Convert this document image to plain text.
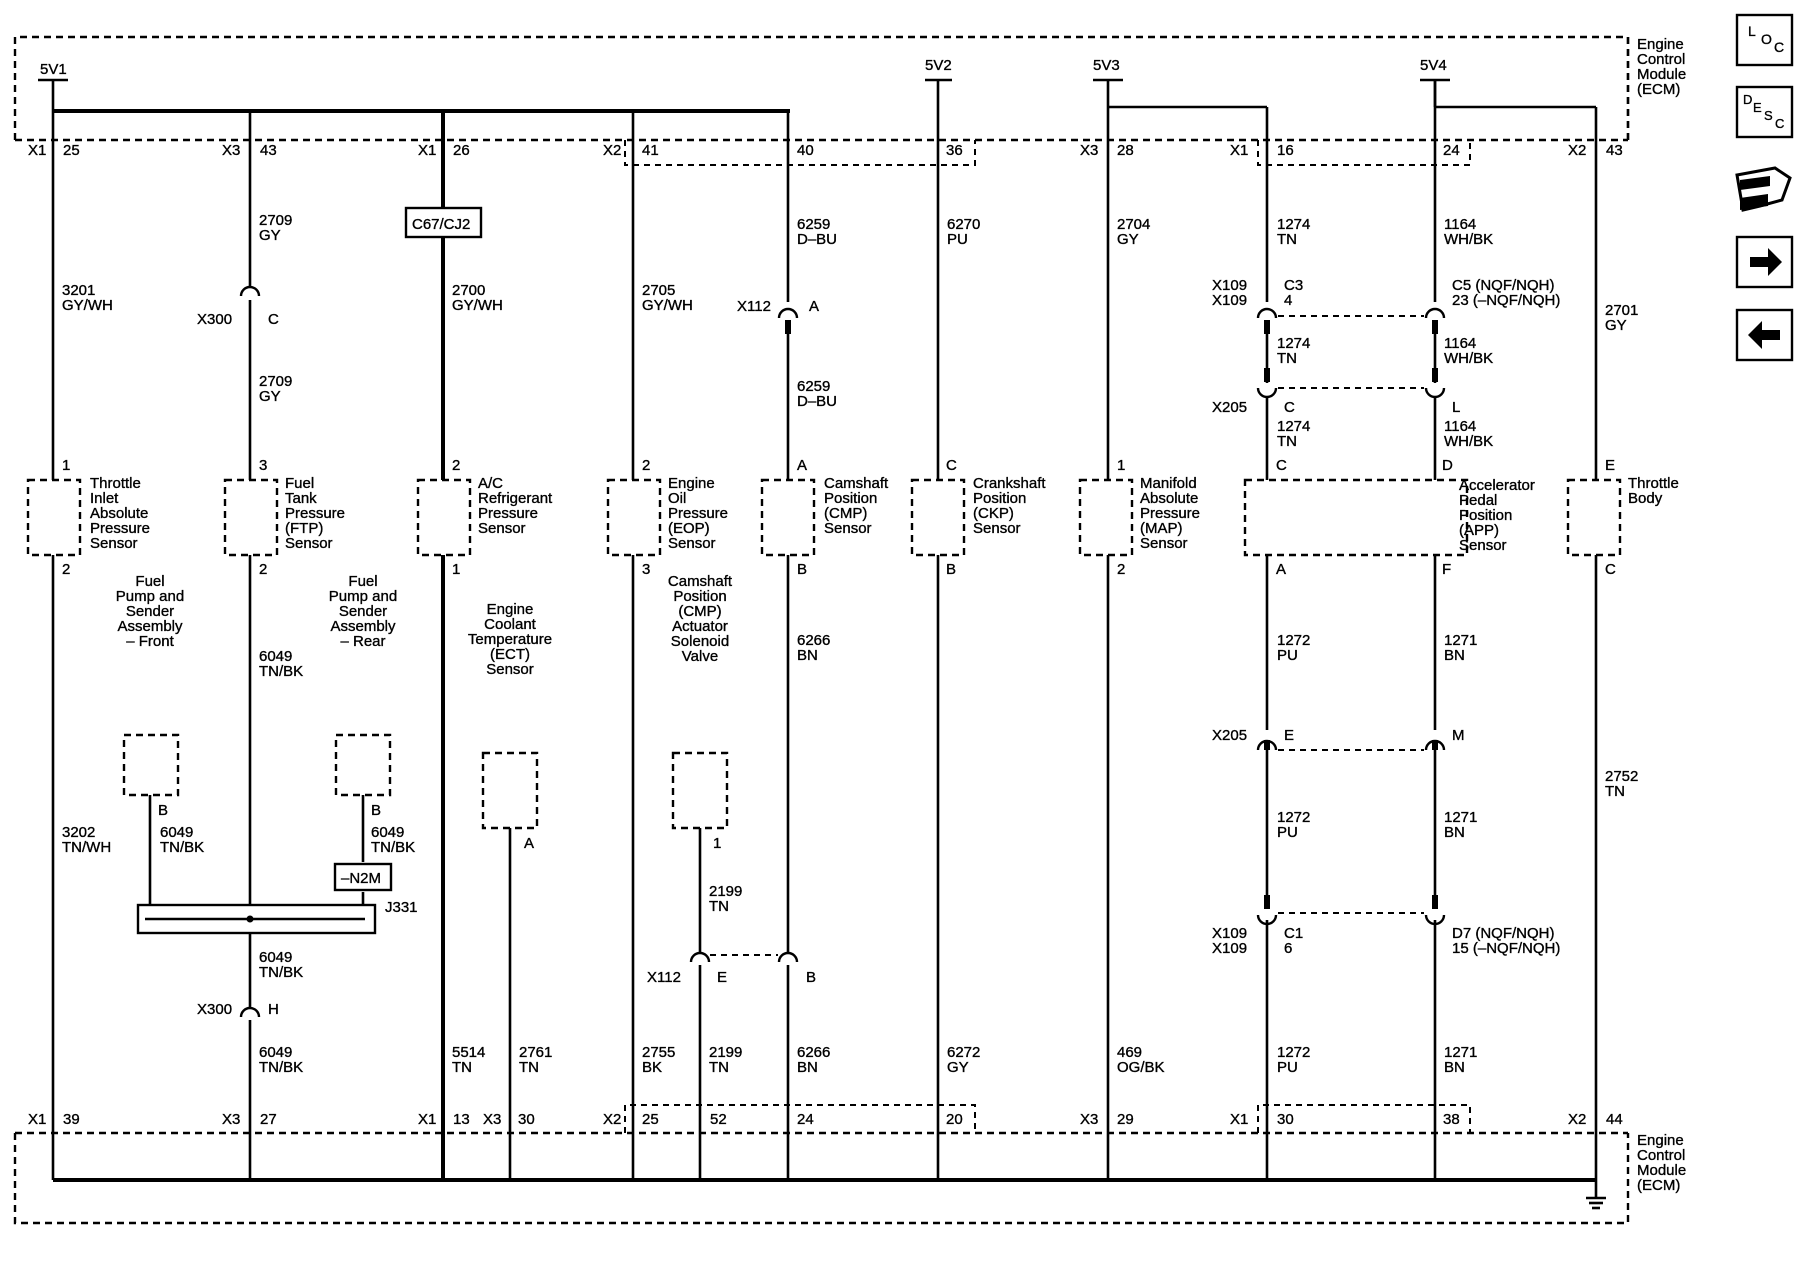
Engine Control Module (ECM)
Engine Control Module (ECM)
5V1	5V2	5V3	5V4
J331
–N2M
C67/CJ2
X1 25	X3 43	X1 26	X2 41	40	36	X3 28	X1 16	24	X2 43
X1 39	X3 27	X1 13 X3 30	X2 25	52	24	20	X3 29	X1 30	38	X2 44
3201 GY/WH
2709 GY
2709 GY
2700 GY/WH
2705 GY/WH
6259 D–BU
6259 D–BU
6270 PU
2704 GY
1274 TN
1274 TN
1274 TN
1164 WH/BK
1164 WH/BK
1164 WH/BK
2701 GY
3202 TN/WH
6049 TN/BK
6049 TN/BK
6049 TN/BK
6049 TN/BK
6049 TN/BK
6266 BN
6266 BN
2199 TN
2199 TN
1272 PU
1272 PU
1272 PU
1271 BN
1271 BN
1271 BN
2752 TN
5514 TN
2761 TN
2755 BK
6272 GY
469 OG/BK
X300 C
X112	A
X109 X109
C3 4
C5 (NQF/NQH) 23 (–NQF/NQH)
X205 C	L
X205 E	M
X109 X109
C1 6
D7 (NQF/NQH) 15 (–NQF/NQH)
X300 H
X112 E	B
Throttle Inlet Absolute Pressure Sensor
1
2
Fuel Tank Pressure (FTP) Sensor
3
2
A/C Refrigerant Pressure Sensor
2
1
Engine Oil Pressure (EOP) Sensor
2
3
Camshaft Position (CMP) Sensor
A
B
Crankshaft Position (CKP) Sensor
C
B
Manifold Absolute Pressure (MAP) Sensor
1
2
Accelerator Pedal Position (APP) Sensor
C	D
A	F
Throttle Body
E
C
Fuel Pump and Sender Assembly – Front
B
Fuel Pump and Sender Assembly – Rear
B
Engine Coolant Temperature (ECT) Sensor
A
Camshaft Position (CMP) Actuator Solenoid Valve
1
L O C
D
E
S
C
